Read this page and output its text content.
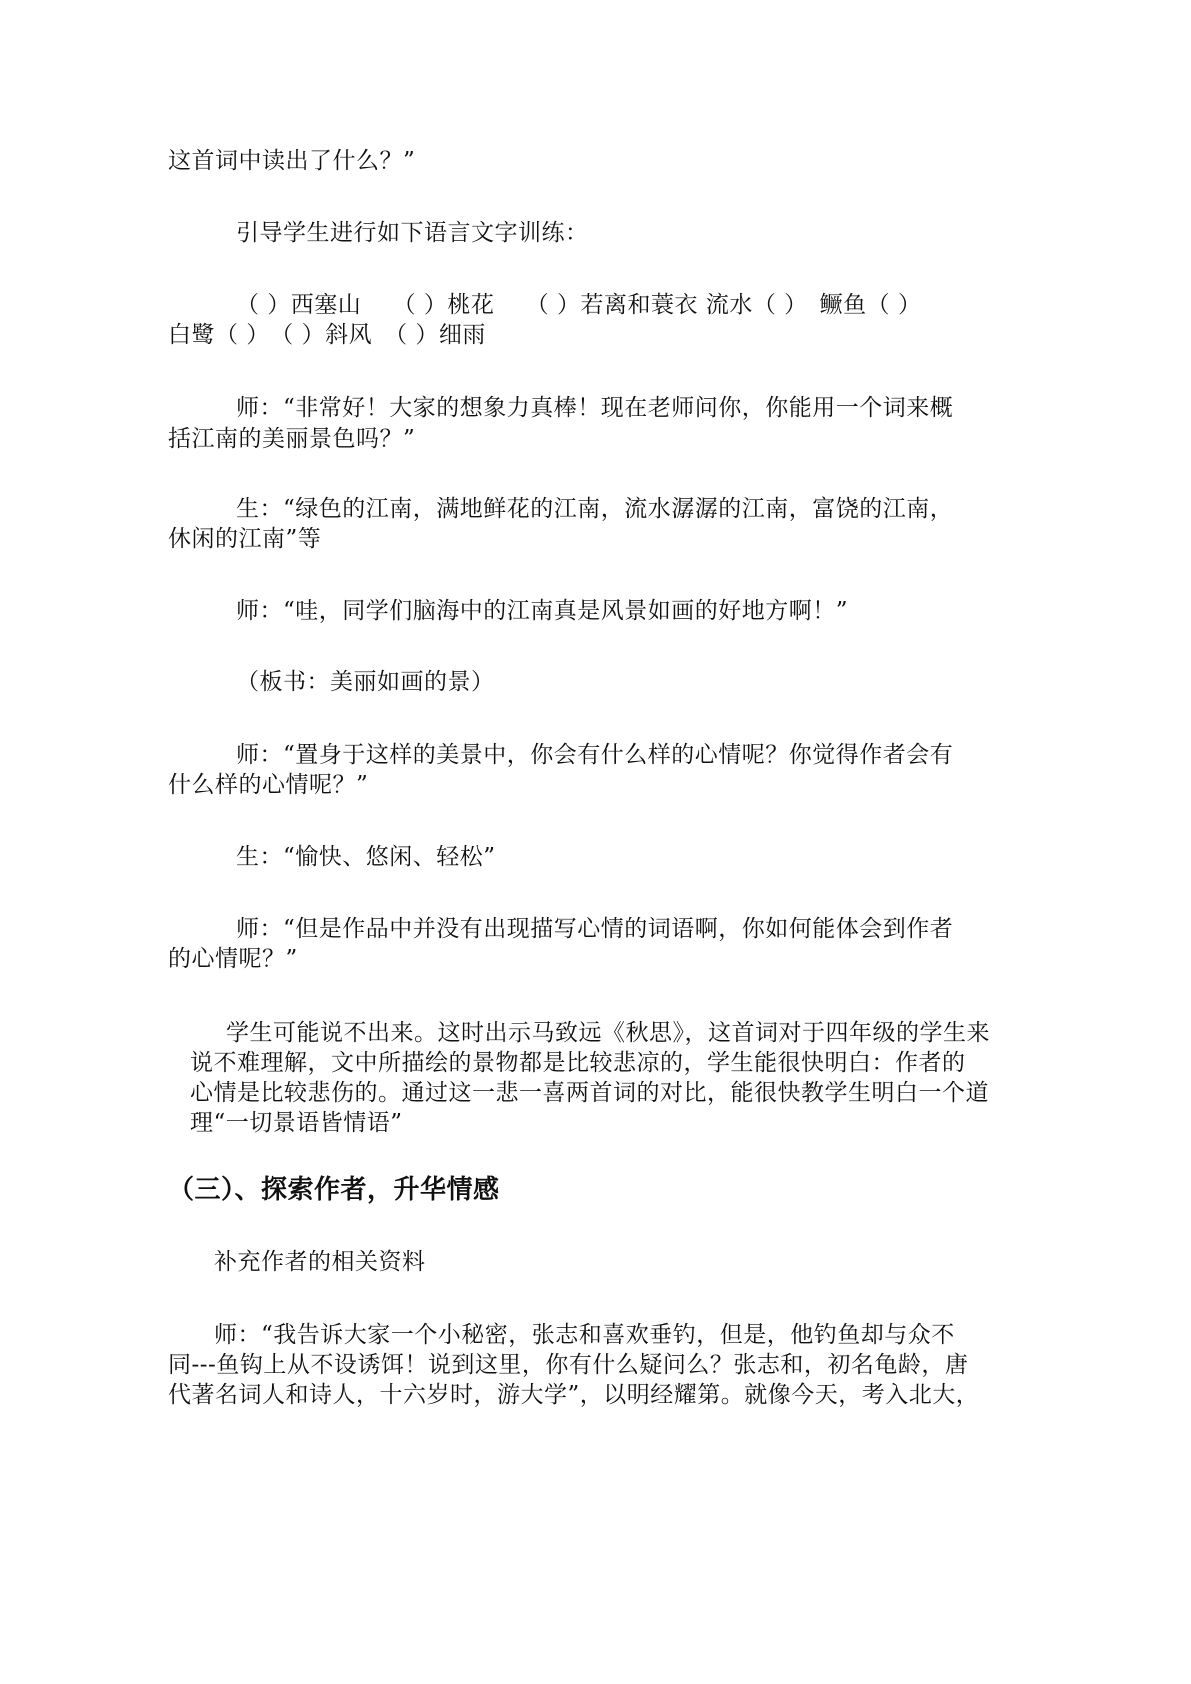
这首词中读出了什么？”
引导学生进行如下语言文字训练：
（ ）西塞山　 （ ）桃花　 （ ）若离和蓑衣 流水（ ）　鳜鱼（ ）
白鹭（ ）　（ ）斜风　（ ）细雨
师：“非常好！大家的想象力真棒！现在老师问你，你能用一个词来概
括江南的美丽景色吗？”
生：“绿色的江南，满地鲜花的江南，流水潺潺的江南，富饶的江南，
休闲的江南”等
师：“哇，同学们脑海中的江南真是风景如画的好地方啊！”
（板书：美丽如画的景）
师：“置身于这样的美景中，你会有什么样的心情呢？你觉得作者会有
什么样的心情呢？”
生：“愉快、悠闲、轻松”
师：“但是作品中并没有出现描写心情的词语啊，你如何能体会到作者
的心情呢？”
学生可能说不出来。这时出示马致远《秋思》，这首词对于四年级的学生来
说不难理解，文中所描绘的景物都是比较悲凉的，学生能很快明白：作者的
心情是比较悲伤的。通过这一悲一喜两首词的对比，能很快教学生明白一个道
理“一切景语皆情语”
（三）、探索作者，升华情感
补充作者的相关资料
师：“我告诉大家一个小秘密，张志和喜欢垂钓，但是，他钓鱼却与众不
同---鱼钩上从不设诱饵！说到这里，你有什么疑问么？张志和，初名龟龄，唐
代著名词人和诗人，十六岁时，游大学”，以明经耀第。就像今天，考入北大，
